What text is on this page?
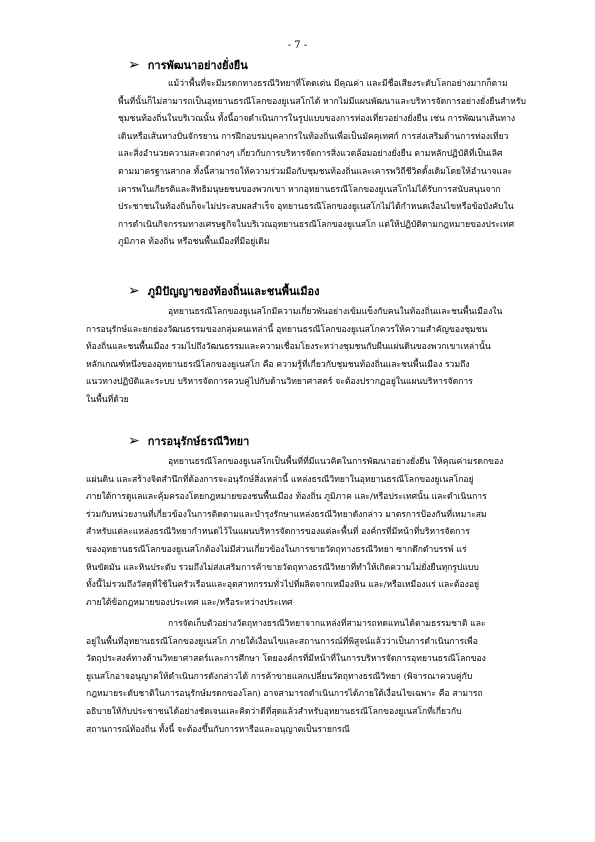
- 7 -
➢ การพัฒนาอย่างยั่งยืน
แม้ว่าพื้นที่จะมีมรดกทางธรณีวิทยาที่โดดเด่น มีคุณค่า และมีชื่อเสียงระดับโลกอย่างมากก็ตาม
พื้นที่นั้นก็ไม่สามารถเป็นอุทยานธรณีโลกของยูเนสโกได้ หากไม่มีแผนพัฒนาและบริหารจัดการอย่างยั่งยืนสำหรับ
ชุมชนท้องถิ่นในบริเวณนั้น ทั้งนี้อาจดำเนินการในรูปแบบของการท่องเที่ยวอย่างยั่งยืน เช่น การพัฒนาเส้นทาง
เดินหรือเส้นทางปั่นจักรยาน การฝึกอบรมบุคลากรในท้องถิ่นเพื่อเป็นมัคคุเทศก์ การส่งเสริมด้านการท่องเที่ยว
และสิ่งอำนวยความสะดวกต่างๆ เกี่ยวกับการบริหารจัดการสิ่งแวดล้อมอย่างยั่งยืน ตามหลักปฏิบัติที่เป็นเลิศ
ตามมาตรฐานสากล ทั้งนี้สามารถให้ความร่วมมือกับชุมชนท้องถิ่นและเคารพวิถีชีวิตดั้งเดิมโดยให้อำนาจและ
เคารพในเกียรติและสิทธิมนุษยชนของพวกเขา หากอุทยานธรณีโลกของยูเนสโกไม่ได้รับการสนับสนุนจาก
ประชาชนในท้องถิ่นก็จะไม่ประสบผลสำเร็จ อุทยานธรณีโลกของยูเนสโกไม่ได้กำหนดเงื่อนไขหรือข้อบังคับใน
การดำเนินกิจกรรมทางเศรษฐกิจในบริเวณอุทยานธรณีโลกของยูเนสโก แต่ให้ปฏิบัติตามกฎหมายของประเทศ
ภูมิภาค ท้องถิ่น หรือชนพื้นเมืองที่มีอยู่เดิม
➢ ภูมิปัญญาของท้องถิ่นและชนพื้นเมือง
อุทยานธรณีโลกของยูเนสโกมีความเกี่ยวพันอย่างเข้มแข็งกับคนในท้องถิ่นและชนพื้นเมืองใน
การอนุรักษ์และยกย่องวัฒนธรรมของกลุ่มคนเหล่านี้ อุทยานธรณีโลกของยูเนสโกควรให้ความสำคัญของชุมชน
ท้องถิ่นและชนพื้นเมือง รวมไปถึงวัฒนธรรมและความเชื่อมโยงระหว่างชุมชนกับผืนแผ่นดินของพวกเขาเหล่านั้น
หลักเกณฑ์หนึ่งของอุทยานธรณีโลกของยูเนสโก คือ ความรู้ที่เกี่ยวกับชุมชนท้องถิ่นและชนพื้นเมือง รวมถึง
แนวทางปฏิบัติและระบบ บริหารจัดการควบคู่ไปกับด้านวิทยาศาสตร์ จะต้องปรากฏอยู่ในแผนบริหารจัดการ
ในพื้นที่ด้วย
➢ การอนุรักษ์ธรณีวิทยา
อุทยานธรณีโลกของยูเนสโกเป็นพื้นที่ที่มีแนวคิดในการพัฒนาอย่างยั่งยืน ให้คุณค่ามรดกของ
แผ่นดิน และสร้างจิตสำนึกที่ต้องการจะอนุรักษ์สิ่งเหล่านี้ แหล่งธรณีวิทยาในอุทยานธรณีโลกของยูเนสโกอยู่
ภายใต้การดูแลและคุ้มครองโดยกฎหมายของชนพื้นเมือง ท้องถิ่น ภูมิภาค และ/หรือประเทศนั้น และดำเนินการ
ร่วมกับหน่วยงานที่เกี่ยวข้องในการติดตามและบำรุงรักษาแหล่งธรณีวิทยาดังกล่าว มาตรการป้องกันที่เหมาะสม
สำหรับแต่ละแหล่งธรณีวิทยากำหนดไว้ในแผนบริหารจัดการของแต่ละพื้นที่ องค์กรที่มีหน้าที่บริหารจัดการ
ของอุทยานธรณีโลกของยูเนสโกต้องไม่มีส่วนเกี่ยวข้องในการขายวัตถุทางธรณีวิทยา ซากดึกดำบรรพ์ แร่
หินขัดมัน และหินประดับ รวมถึงไม่ส่งเสริมการค้าขายวัตถุทางธรณีวิทยาที่ทำให้เกิดความไม่ยั่งยืนทุกรูปแบบ
ทั้งนี้ไม่รวมถึงวัสดุที่ใช้ในครัวเรือนและอุตสาหกรรมทั่วไปที่ผลิตจากเหมืองหิน และ/หรือเหมืองแร่ และต้องอยู่
ภายใต้ข้อกฎหมายของประเทศ และ/หรือระหว่างประเทศ
การจัดเก็บตัวอย่างวัตถุทางธรณีวิทยาจากแหล่งที่สามารถทดแทนได้ตามธรรมชาติ และ
อยู่ในพื้นที่อุทยานธรณีโลกของยูเนสโก ภายใต้เงื่อนไขและสถานการณ์ที่พิสูจน์แล้วว่าเป็นการดำเนินการเพื่อ
วัตถุประสงค์ทางด้านวิทยาศาสตร์และการศึกษา โดยองค์กรที่มีหน้าที่ในการบริหารจัดการอุทยานธรณีโลกของ
ยูเนสโกอาจอนุญาตให้ดำเนินการดังกล่าวได้ การค้าขายแลกเปลี่ยนวัตถุทางธรณีวิทยา (พิจารณาควบคู่กับ
กฎหมายระดับชาติในการอนุรักษ์มรดกของโลก) อาจสามารถดำเนินการได้ภายใต้เงื่อนไขเฉพาะ คือ สามารถ
อธิบายให้กับประชาชนได้อย่างชัดเจนและคิดว่าดีที่สุดแล้วสำหรับอุทยานธรณีโลกของยูเนสโกที่เกี่ยวกับ
สถานการณ์ท้องถิ่น ทั้งนี้ จะต้องขึ้นกับการหารือและอนุญาตเป็นรายกรณี
